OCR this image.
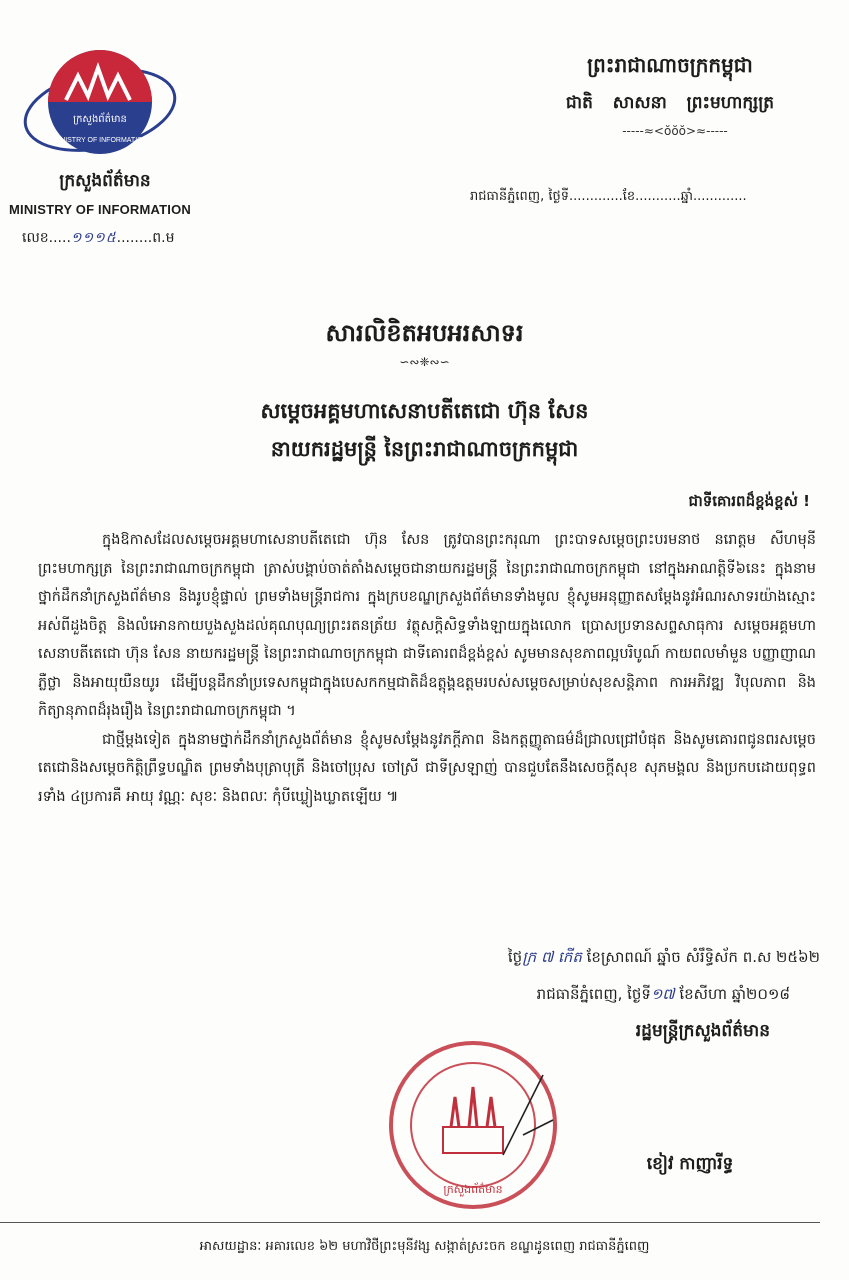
ក្រសួងព័ត៌មាន
MINISTRY OF INFORMATION
ក្រសួងព័ត៌មាន
MINISTRY OF INFORMATION
លេខ.....១១១៥........ព.ម
ព្រះរាជាណាចក្រកម្ពុជា
ជាតិ សាសនា ព្រះមហាក្សត្រ
-----≈<ŏŏŏ>≈-----
រាជធានីភ្នំពេញ, ថ្ងៃទី.............ខែ...........ឆ្នាំ.............
សារលិខិតអបអរសាទរ
∽∾❈∾∽
សម្តេចអគ្គមហាសេនាបតីតេជោ ហ៊ុន សែន
នាយករដ្ឋមន្ត្រី នៃព្រះរាជាណាចក្រកម្ពុជា
ជាទីគោរពដ៏ខ្ពង់ខ្ពស់ !

ក្នុងឱកាសដែលសម្តេចអគ្គមហាសេនាបតីតេជោ ហ៊ុន សែន ត្រូវបានព្រះករុណា ព្រះបាទសម្តេចព្រះបរមនាថ នរោត្តម សីហមុនី ព្រះមហាក្សត្រ នៃព្រះរាជាណាចក្រកម្ពុជា ត្រាស់បង្គាប់ចាត់តាំងសម្តេចជានាយករដ្ឋមន្ត្រី នៃព្រះរាជាណាចក្រកម្ពុជា នៅក្នុងអាណត្តិទី៦នេះ ក្នុងនាមថ្នាក់ដឹកនាំក្រសួងព័ត៌មាន និងរូបខ្ញុំផ្ទាល់ ព្រមទាំងមន្ត្រីរាជការ ក្នុងក្របខណ្ឌក្រសួងព័ត៌មានទាំងមូល ខ្ញុំសូមអនុញ្ញាតសម្តែងនូវអំណរសាទរយ៉ាងស្មោះអស់ពីដួងចិត្ត និងលំអោនកាយបួងសួងដល់គុណបុណ្យព្រះរតនត្រ័យ វត្ថុសក្តិសិទ្ធទាំងឡាយក្នុងលោក ប្រោសប្រទានសព្ទសាធុការ សម្តេចអគ្គមហាសេនាបតីតេជោ ហ៊ុន សែន នាយករដ្ឋមន្ត្រី នៃព្រះរាជាណាចក្រកម្ពុជា ជាទីគោរពដ៏ខ្ពង់ខ្ពស់ សូមមានសុខភាពល្អបរិបូណ៍ កាយពលមាំមួន បញ្ញាញាណភ្លឺថ្លា និងអាយុយឺនយូរ ដើម្បីបន្តដឹកនាំប្រទេសកម្ពុជាក្នុងបេសកកម្មជាតិដ៏ឧត្តុង្គឧត្តមរបស់សម្តេចសម្រាប់សុខសន្តិភាព ការអភិវឌ្ឍ វិបុលភាព និងកិត្យានុភាពដ៏រុងរឿង នៃព្រះរាជាណាចក្រកម្ពុជា ។

ជាថ្មីម្តងទៀត ក្នុងនាមថ្នាក់ដឹកនាំក្រសួងព័ត៌មាន ខ្ញុំសូមសម្តែងនូវភក្តីភាព និងកត្តញ្ញូតាធម៌ដ៏ជ្រាលជ្រៅបំផុត និងសូមគោរពជូនពរសម្តេចតេជោនិងសម្តេចកិត្តិព្រឹទ្ធបណ្ឌិត ព្រមទាំងបុត្រាបុត្រី និងចៅប្រុស ចៅស្រី ជាទីស្រឡាញ់ បានជួបតែនឹងសេចក្តីសុខ សុភមង្គល និងប្រកបដោយពុទ្ធពរទាំង ៤ប្រការគឺ អាយុ វណ្ណៈ សុខៈ និងពលៈ កុំបីឃ្លៀងឃ្លាតឡើយ ៕

ថ្ងៃក្រ ៧ កើត ខែស្រាពណ៍ ឆ្នាំច សំរឹទ្ធិស័ក ព.ស ២៥៦២
រាជធានីភ្នំពេញ, ថ្ងៃទី១៧ ខែសីហា ឆ្នាំ២០១៨
រដ្ឋមន្ត្រីក្រសួងព័ត៌មាន
ក្រសួងព័ត៌មាន
ខៀវ កាញារីទ្ធ
អាសយដ្ឋានៈ អគារលេខ ៦២ មហាវិថីព្រះមុនីវង្ស សង្កាត់ស្រះចក ខណ្ឌដូនពេញ រាជធានីភ្នំពេញ
